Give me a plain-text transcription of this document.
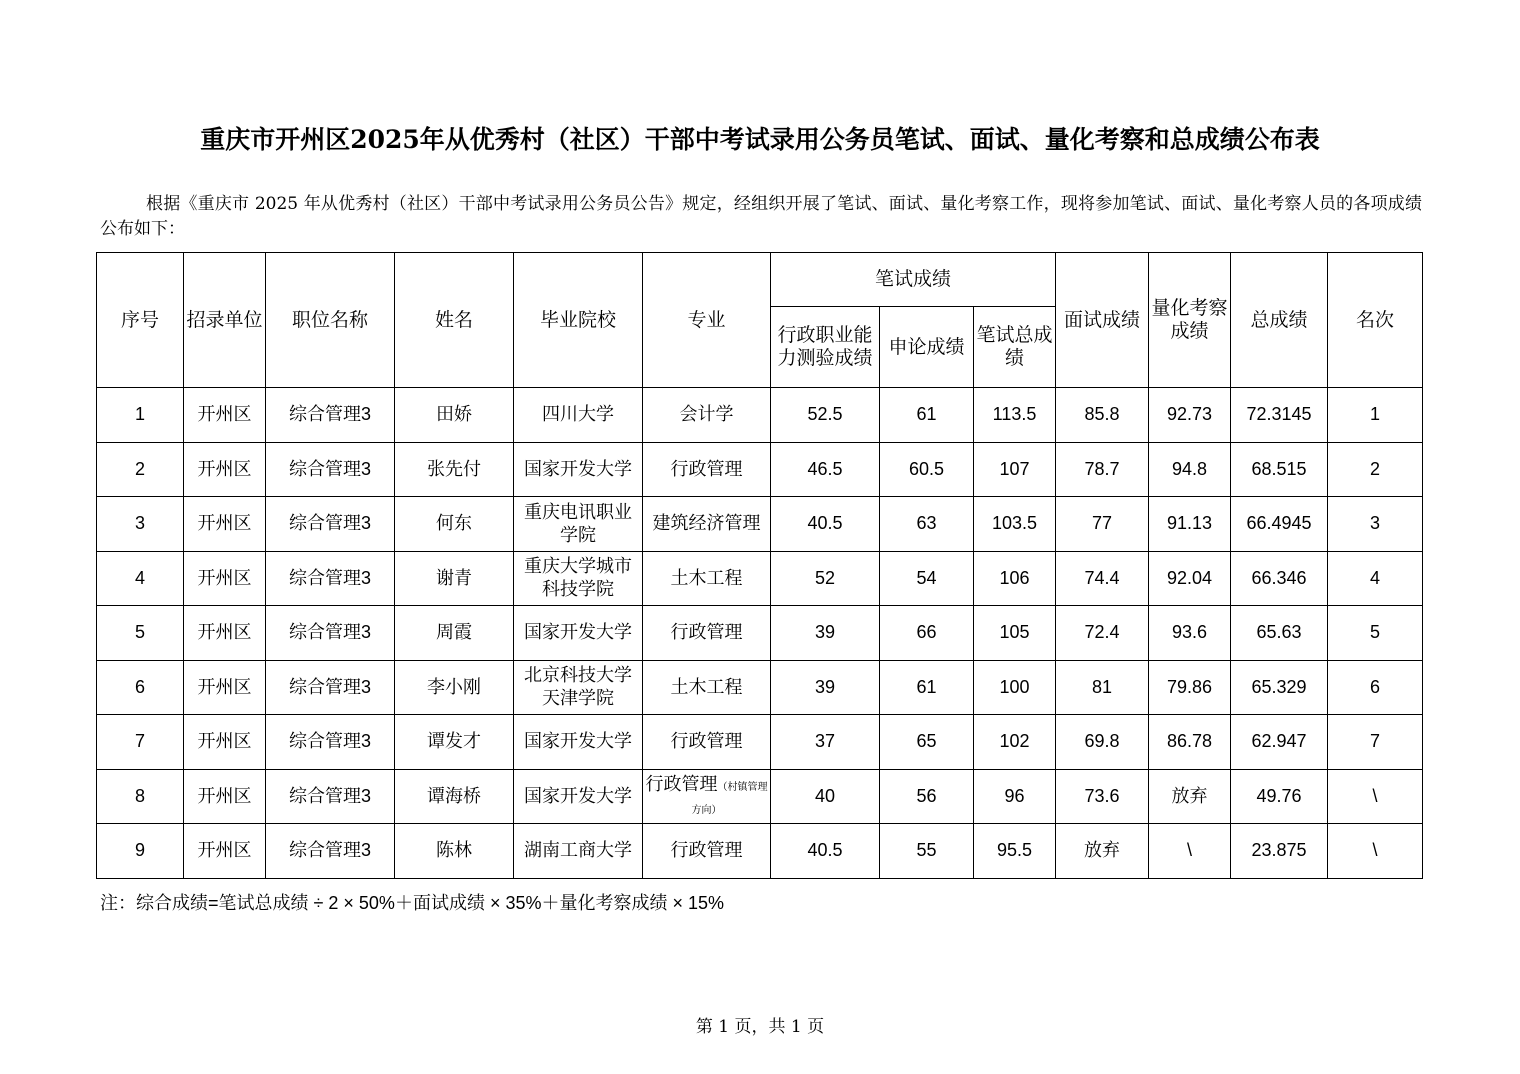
重庆市开州区2025年从优秀村（社区）干部中考试录用公务员笔试、面试、量化考察和总成绩公布表
根据《重庆市 2025 年从优秀村（社区）干部中考试录用公务员公告》规定，经组织开展了笔试、面试、量化考察工作，现将参加笔试、面试、量化考察人员的各项成绩公布如下：
序号	招录单位	职位名称	姓名	毕业院校	专业	笔试成绩			面试成绩	量化考察成绩	总成绩	名次
						行政职业能力测验成绩	申论成绩	笔试总成绩				
1	开州区	综合管理3	田娇	四川大学	会计学	52.5	61	113.5	85.8	92.73	72.3145	1
2	开州区	综合管理3	张先付	国家开发大学	行政管理	46.5	60.5	107	78.7	94.8	68.515	2
3	开州区	综合管理3	何东	重庆电讯职业学院	建筑经济管理	40.5	63	103.5	77	91.13	66.4945	3
4	开州区	综合管理3	谢青	重庆大学城市科技学院	土木工程	52	54	106	74.4	92.04	66.346	4
5	开州区	综合管理3	周霞	国家开发大学	行政管理	39	66	105	72.4	93.6	65.63	5
6	开州区	综合管理3	李小刚	北京科技大学天津学院	土木工程	39	61	100	81	79.86	65.329	6
7	开州区	综合管理3	谭发才	国家开发大学	行政管理	37	65	102	69.8	86.78	62.947	7
8	开州区	综合管理3	谭海桥	国家开发大学	行政管理（村镇管理方向）	40	56	96	73.6	放弃	49.76	\
9	开州区	综合管理3	陈林	湖南工商大学	行政管理	40.5	55	95.5	放弃	\	23.875	\
注：综合成绩=笔试总成绩 ÷ 2 × 50%＋面试成绩 × 35%＋量化考察成绩 × 15%
第 1 页，共 1 页
